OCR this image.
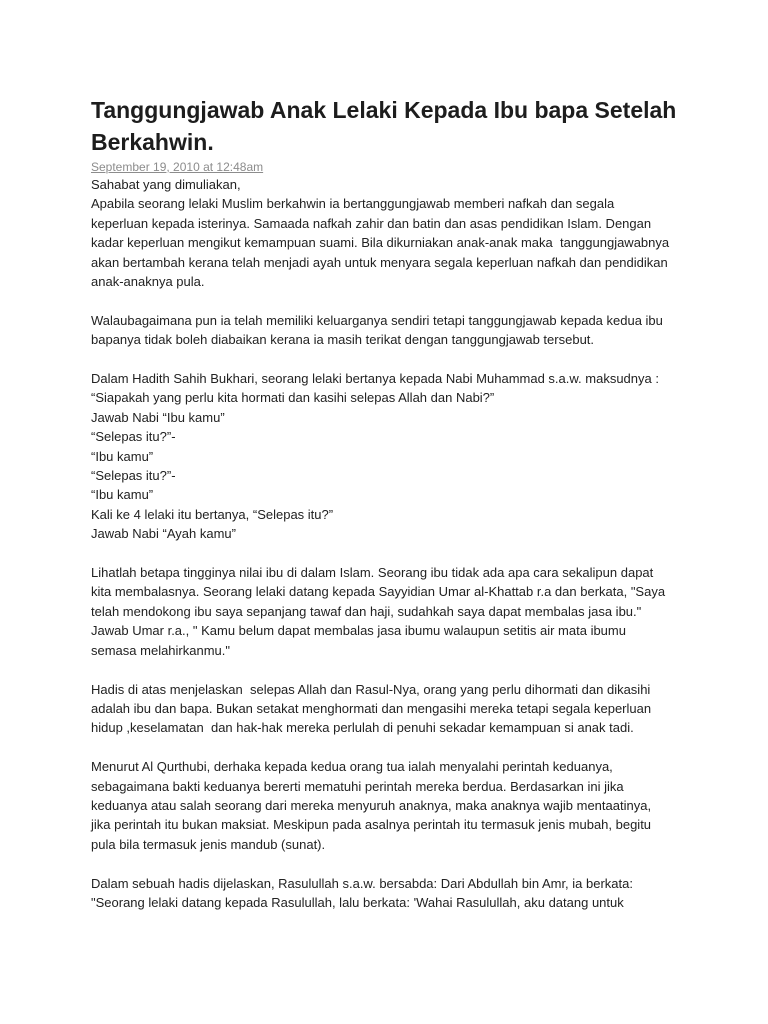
Tanggungjawab Anak Lelaki Kepada Ibu bapa Setelah
Berkahwin.
September 19, 2010 at 12:48am
Sahabat yang dimuliakan,
Apabila seorang lelaki Muslim berkahwin ia bertanggungjawab memberi nafkah dan segala
keperluan kepada isterinya. Samaada nafkah zahir dan batin dan asas pendidikan Islam. Dengan
kadar keperluan mengikut kemampuan suami. Bila dikurniakan anak-anak maka  tanggungjawabnya
akan bertambah kerana telah menjadi ayah untuk menyara segala keperluan nafkah dan pendidikan
anak-anaknya pula.
Walaubagaimana pun ia telah memiliki keluarganya sendiri tetapi tanggungjawab kepada kedua ibu
bapanya tidak boleh diabaikan kerana ia masih terikat dengan tanggungjawab tersebut.
Dalam Hadith Sahih Bukhari, seorang lelaki bertanya kepada Nabi Muhammad s.a.w. maksudnya :
“Siapakah yang perlu kita hormati dan kasihi selepas Allah dan Nabi?”
Jawab Nabi “Ibu kamu”
“Selepas itu?”-
“Ibu kamu”
“Selepas itu?”-
“Ibu kamu”
Kali ke 4 lelaki itu bertanya, “Selepas itu?”
Jawab Nabi “Ayah kamu”
Lihatlah betapa tingginya nilai ibu di dalam Islam. Seorang ibu tidak ada apa cara sekalipun dapat
kita membalasnya. Seorang lelaki datang kepada Sayyidian Umar al-Khattab r.a dan berkata, "Saya
telah mendokong ibu saya sepanjang tawaf dan haji, sudahkah saya dapat membalas jasa ibu."
Jawab Umar r.a., " Kamu belum dapat membalas jasa ibumu walaupun setitis air mata ibumu
semasa melahirkanmu."
Hadis di atas menjelaskan  selepas Allah dan Rasul-Nya, orang yang perlu dihormati dan dikasihi
adalah ibu dan bapa. Bukan setakat menghormati dan mengasihi mereka tetapi segala keperluan
hidup ,keselamatan  dan hak-hak mereka perlulah di penuhi sekadar kemampuan si anak tadi.
Menurut Al Qurthubi, derhaka kepada kedua orang tua ialah menyalahi perintah keduanya,
sebagaimana bakti keduanya bererti mematuhi perintah mereka berdua. Berdasarkan ini jika
keduanya atau salah seorang dari mereka menyuruh anaknya, maka anaknya wajib mentaatinya,
jika perintah itu bukan maksiat. Meskipun pada asalnya perintah itu termasuk jenis mubah, begitu
pula bila termasuk jenis mandub (sunat).
Dalam sebuah hadis dijelaskan, Rasulullah s.a.w. bersabda: Dari Abdullah bin Amr, ia berkata:
"Seorang lelaki datang kepada Rasulullah, lalu berkata: 'Wahai Rasulullah, aku datang untuk
